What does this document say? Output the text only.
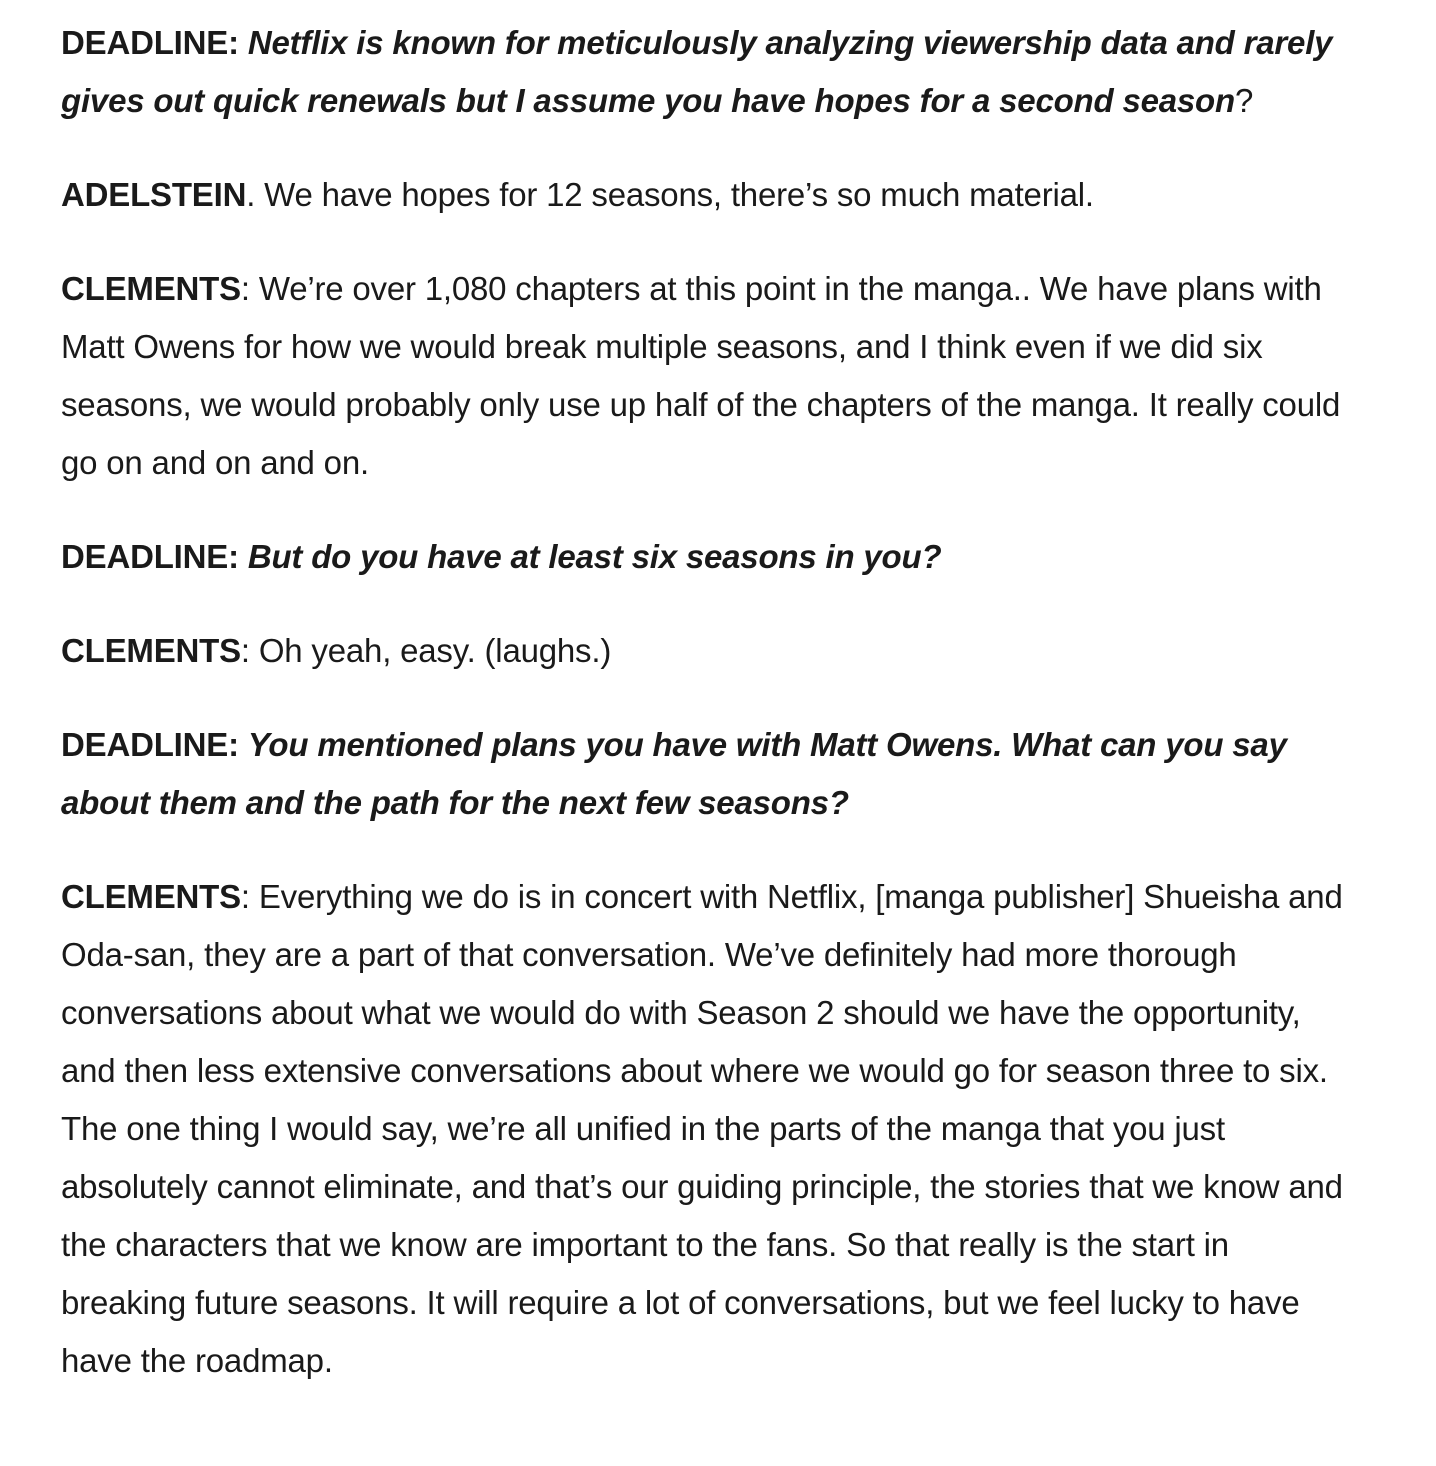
DEADLINE: Netflix is known for meticulously analyzing viewership data and rarely gives out quick renewals but I assume you have hopes for a second season?

ADELSTEIN. We have hopes for 12 seasons, there’s so much material.

CLEMENTS: We’re over 1,080 chapters at this point in the manga.. We have plans with Matt Owens for how we would break multiple seasons, and I think even if we did six seasons, we would probably only use up half of the chapters of the manga. It really could go on and on and on.

DEADLINE: But do you have at least six seasons in you?

CLEMENTS: Oh yeah, easy. (laughs.)

DEADLINE: You mentioned plans you have with Matt Owens. What can you say about them and the path for the next few seasons?

CLEMENTS: Everything we do is in concert with Netflix, [manga publisher] Shueisha and Oda-san, they are a part of that conversation. We’ve definitely had more thorough conversations about what we would do with Season 2 should we have the opportunity, and then less extensive conversations about where we would go for season three to six. The one thing I would say, we’re all unified in the parts of the manga that you just absolutely cannot eliminate, and that’s our guiding principle, the stories that we know and the characters that we know are important to the fans. So that really is the start in breaking future seasons. It will require a lot of conversations, but we feel lucky to have have the roadmap.
